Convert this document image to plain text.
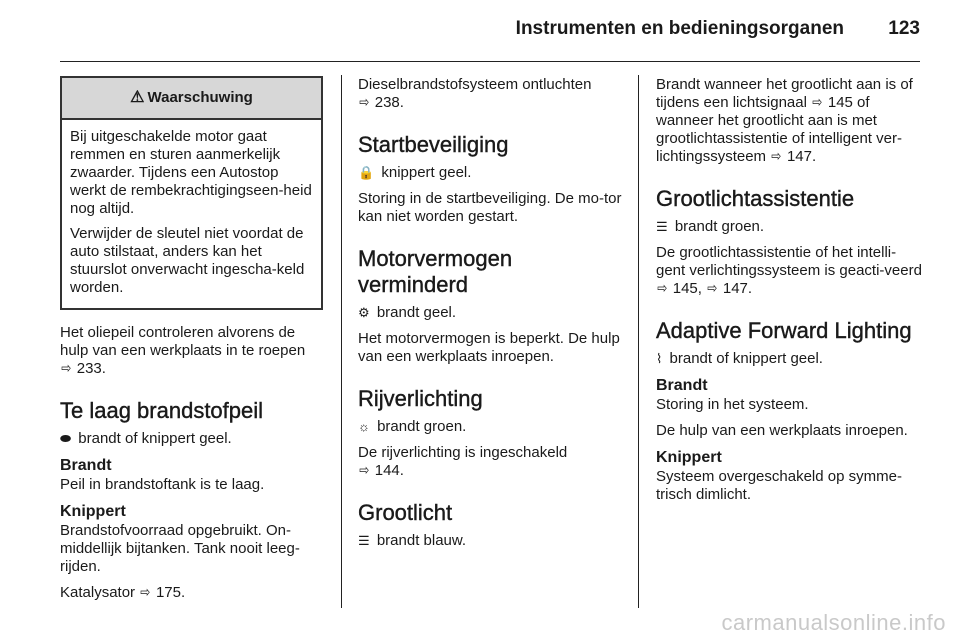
Instrumenten en bedieningsorganen 123
⚠ Waarschuwing

Bij uitgeschakelde motor gaat remmen en sturen aanmerkelijk zwaarder. Tijdens een Autostop werkt de rembekrachtigingseen-heid nog altijd.

Verwijder de sleutel niet voordat de auto stilstaat, anders kan het stuurslot onverwacht ingescha-keld worden.

Het oliepeil controleren alvorens de hulp van een werkplaats in te roepen
⇨ 233.

Te laag brandstofpeil

⬬ brandt of knippert geel.

Brandt

Peil in brandstoftank is te laag.

Knippert

Brandstofvoorraad opgebruikt. On-middellijk bijtanken. Tank nooit leeg-rijden.

Katalysator ⇨ 175.

Dieselbrandstofsysteem ontluchten
⇨ 238.

Startbeveiliging

🔒 knippert geel.

Storing in de startbeveiliging. De mo-tor kan niet worden gestart.

Motorvermogen
verminderd

⚙ brandt geel.

Het motorvermogen is beperkt. De hulp van een werkplaats inroepen.

Rijverlichting

☼ brandt groen.

De rijverlichting is ingeschakeld
⇨ 144.

Grootlicht

☰ brandt blauw.

Brandt wanneer het grootlicht aan is of tijdens een lichtsignaal ⇨ 145 of wanneer het grootlicht aan is met grootlichtassistentie of intelligent ver-lichtingssysteem ⇨ 147.

Grootlichtassistentie

☰ brandt groen.

De grootlichtassistentie of het intelli-gent verlichtingssysteem is geacti-veerd ⇨ 145, ⇨ 147.

Adaptive Forward Lighting

⌇ brandt of knippert geel.

Brandt

Storing in het systeem.

De hulp van een werkplaats inroepen.

Knippert

Systeem overgeschakeld op symme-trisch dimlicht.

carmanualsonline.info
